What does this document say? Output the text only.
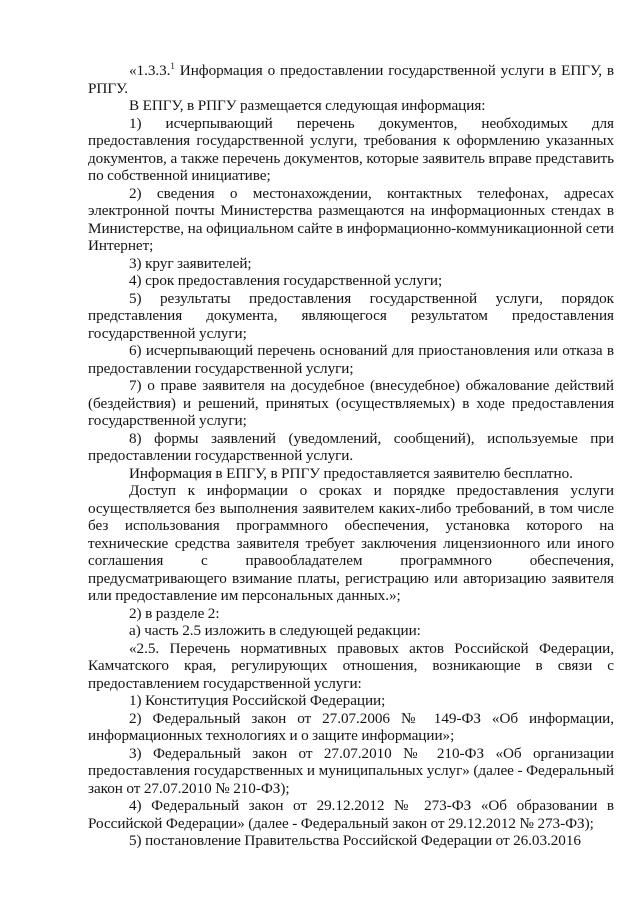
«1.3.3.$^1$ Информация о предоставлении государственной услуги в ЕПГУ, в РПГУ.

В ЕПГУ, в РПГУ размещается следующая информация:

1) исчерпывающий перечень документов, необходимых для предоставления государственной услуги, требования к оформлению указанных документов, а также перечень документов, которые заявитель вправе представить по собственной инициативе;

2) сведения о местонахождении, контактных телефонах, адресах электронной почты Министерства размещаются на информационных стендах в Министерстве, на официальном сайте в информационно-коммуникационной сети Интернет;

3) круг заявителей;

4) срок предоставления государственной услуги;

5) результаты предоставления государственной услуги, порядок представления документа, являющегося результатом предоставления государственной услуги;

6) исчерпывающий перечень оснований для приостановления или отказа в предоставлении государственной услуги;

7) о праве заявителя на досудебное (внесудебное) обжалование действий (бездействия) и решений, принятых (осуществляемых) в ходе предоставления государственной услуги;

8) формы заявлений (уведомлений, сообщений), используемые при предоставлении государственной услуги.

Информация в ЕПГУ, в РПГУ предоставляется заявителю бесплатно.

Доступ к информации о сроках и порядке предоставления услуги осуществляется без выполнения заявителем каких-либо требований, в том числе без использования программного обеспечения, установка которого на технические средства заявителя требует заключения лицензионного или иного соглашения с правообладателем программного обеспечения, предусматривающего взимание платы, регистрацию или авторизацию заявителя или предоставление им персональных данных.»;

2) в разделе 2:

а) часть 2.5 изложить в следующей редакции:

«2.5. Перечень нормативных правовых актов Российской Федерации, Камчатского края, регулирующих отношения, возникающие в связи с предоставлением государственной услуги:

1) Конституция Российской Федерации;

2) Федеральный закон от 27.07.2006 № 149-ФЗ «Об информации, информационных технологиях и о защите информации»;

3) Федеральный закон от 27.07.2010 № 210-ФЗ «Об организации предоставления государственных и муниципальных услуг» (далее - Федеральный закон от 27.07.2010 № 210-ФЗ);

4) Федеральный закон от 29.12.2012 № 273-ФЗ «Об образовании в Российской Федерации» (далее - Федеральный закон от 29.12.2012 № 273-ФЗ);

5) постановление Правительства Российской Федерации от 26.03.2016
